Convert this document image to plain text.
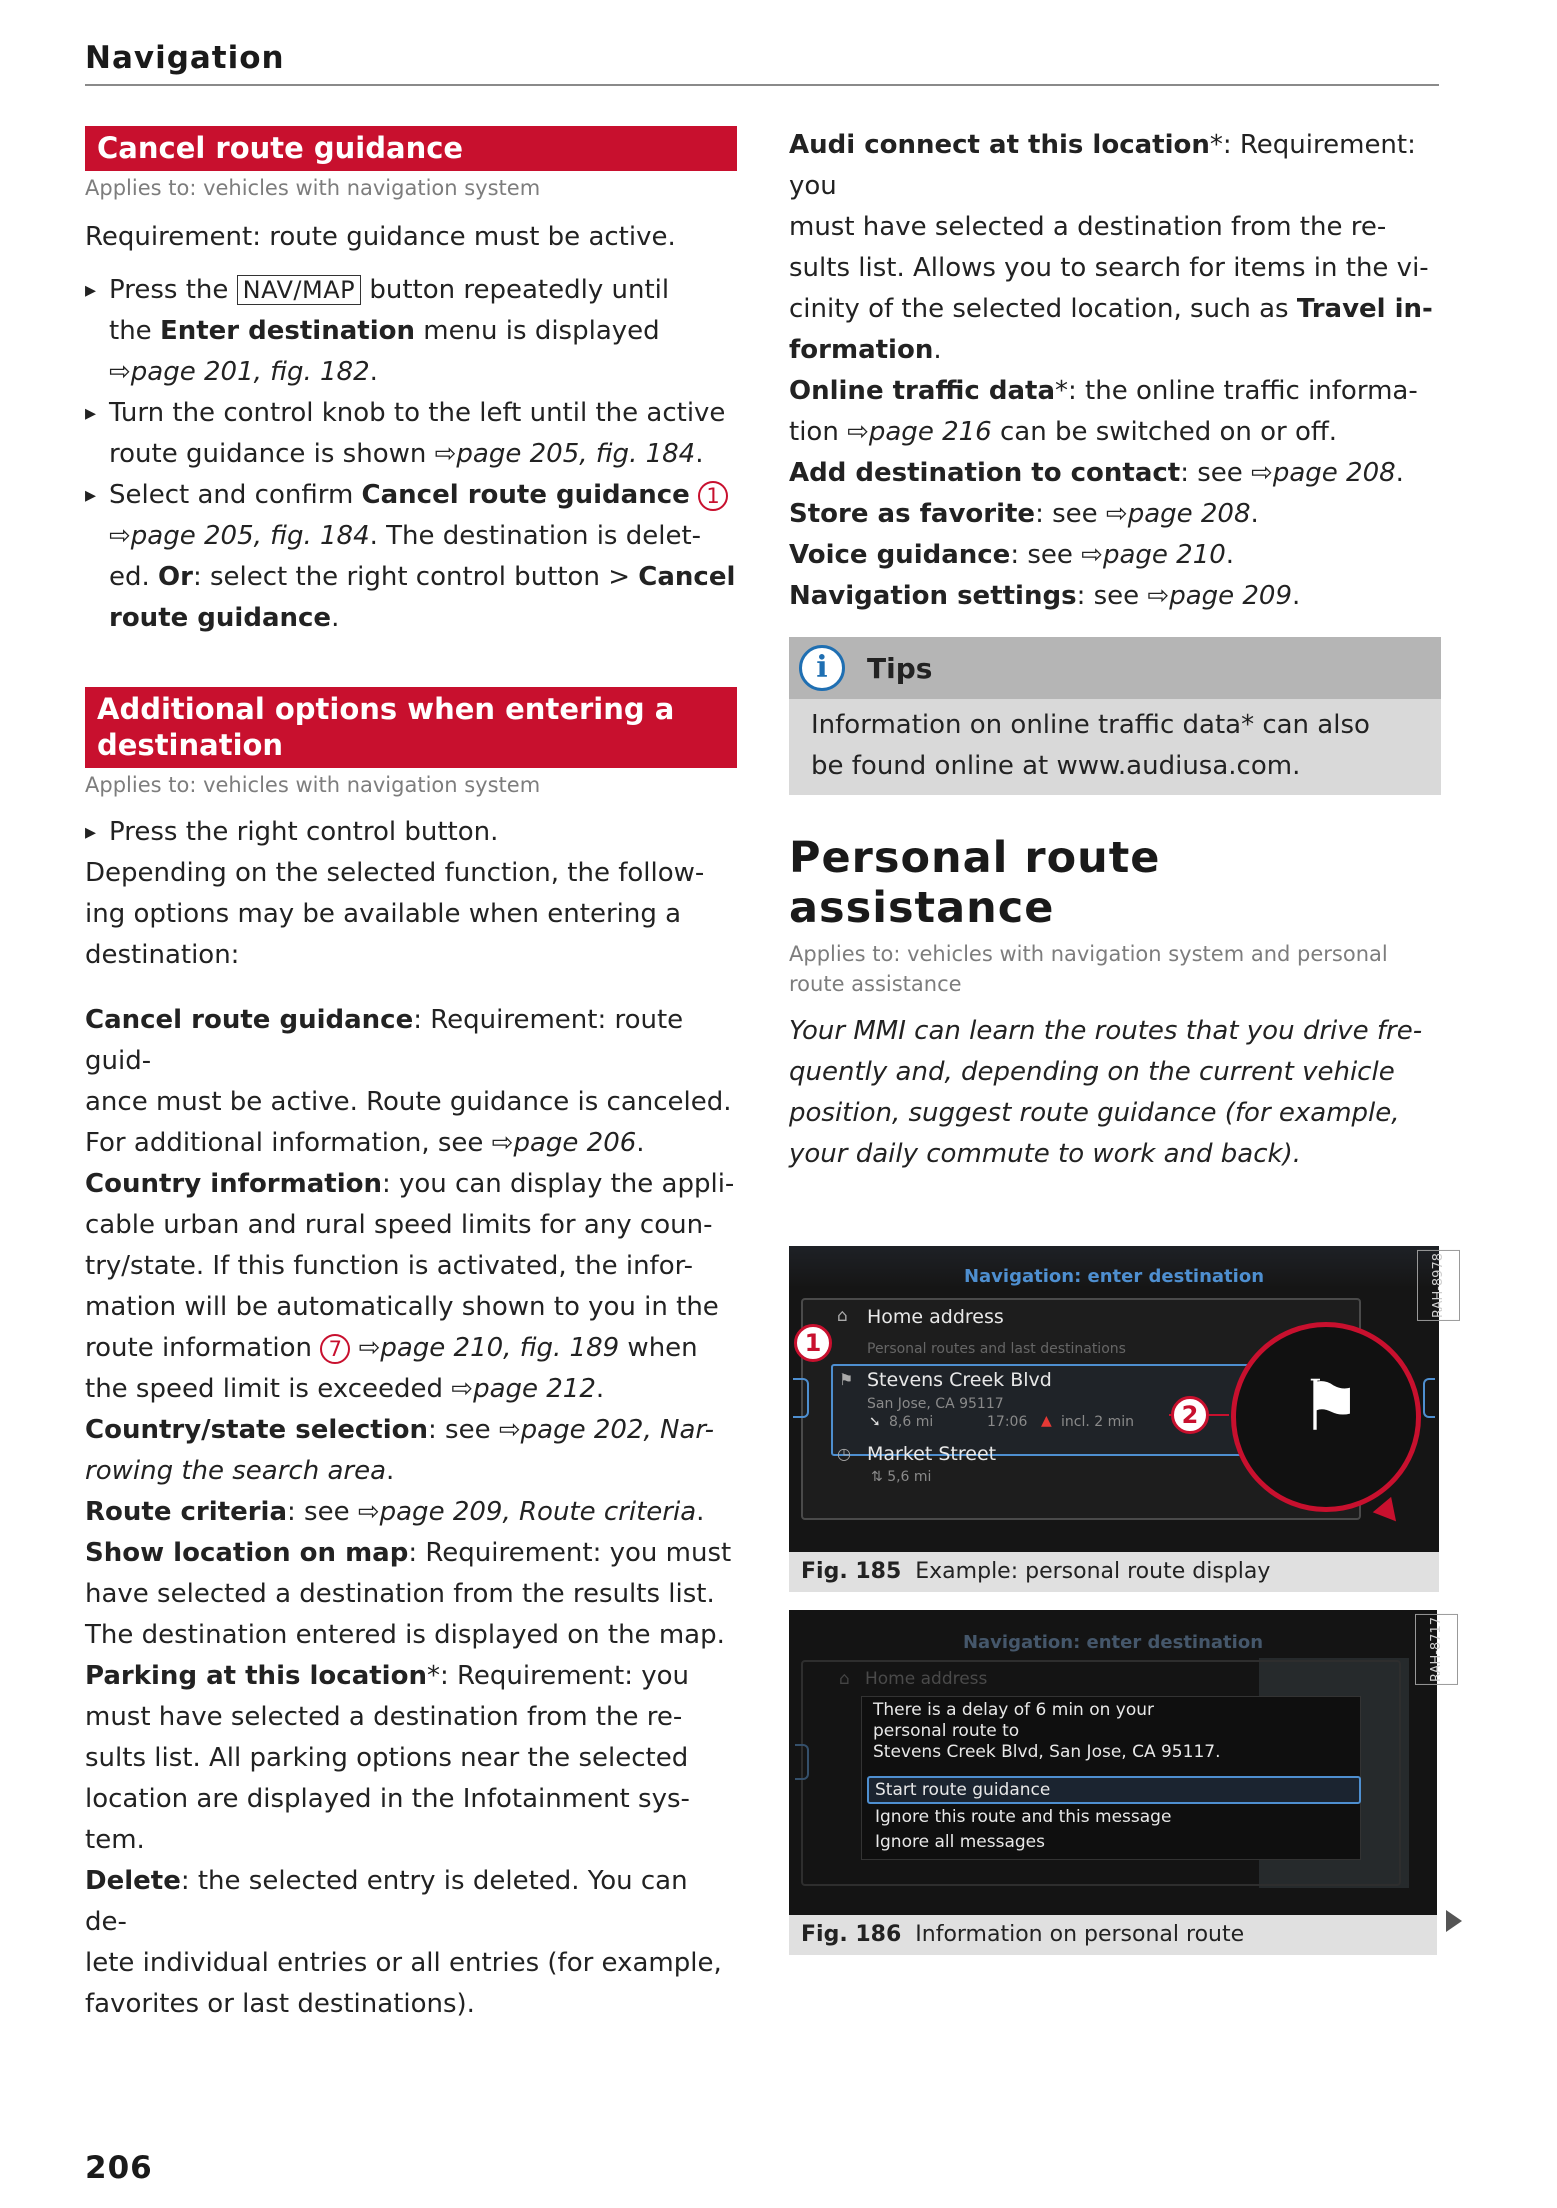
Navigation
Cancel route guidance
Applies to: vehicles with navigation system

Requirement: route guidance must be active.

▸ Press the NAV/MAP button repeatedly until
the Enter destination menu is displayed
⇨page 201, fig. 182.
▸ Turn the control knob to the left until the active
route guidance is shown ⇨page 205, fig. 184.
▸ Select and confirm Cancel route guidance 1
⇨page 205, fig. 184. The destination is delet-
ed. Or: select the right control button > Cancel
route guidance.
Additional options when entering a
destination
Applies to: vehicles with navigation system
▸ Press the right control button.

Depending on the selected function, the follow-
ing options may be available when entering a
destination:

Cancel route guidance: Requirement: route guid-
ance must be active. Route guidance is canceled.
For additional information, see ⇨page 206.

Country information: you can display the appli-
cable urban and rural speed limits for any coun-
try/state. If this function is activated, the infor-
mation will be automatically shown to you in the
route information 7 ⇨page 210, fig. 189 when
the speed limit is exceeded ⇨page 212.

Country/state selection: see ⇨page 202, Nar-
rowing the search area.

Route criteria: see ⇨page 209, Route criteria.

Show location on map: Requirement: you must
have selected a destination from the results list.
The destination entered is displayed on the map.

Parking at this location*: Requirement: you
must have selected a destination from the re-
sults list. All parking options near the selected
location are displayed in the Infotainment sys-
tem.

Delete: the selected entry is deleted. You can de-
lete individual entries or all entries (for example,
favorites or last destinations).

Audi connect at this location*: Requirement: you
must have selected a destination from the re-
sults list. Allows you to search for items in the vi-
cinity of the selected location, such as Travel in-
formation.

Online traffic data*: the online traffic informa-
tion ⇨page 216 can be switched on or off.

Add destination to contact: see ⇨page 208.

Store as favorite: see ⇨page 208.

Voice guidance: see ⇨page 210.

Navigation settings: see ⇨page 209.

i	Tips
Information on online traffic data* can also
be found online at www.audiusa.com.
Personal route
assistance
Applies to: vehicles with navigation system and personal
route assistance

Your MMI can learn the routes that you drive fre-
quently and, depending on the current vehicle
position, suggest route guidance (for example,
your daily commute to work and back).

Navigation: enter destination	RAH-8978
⌂ Home address
Personal routes and last destinations
⚑ Stevens Creek Blvd
San Jose, CA 95117
➘ 8,6 mi	17:06 ▲ incl. 2 min
◷ Market Street
⇅ 5,6 mi
⚑
1
2
Fig. 185 Example: personal route display
Navigation: enter destination	RAH-8717
⌂ Home address
There is a delay of 6 min on your
personal route to
Stevens Creek Blvd, San Jose, CA 95117.
Start route guidance
Ignore this route and this message
Ignore all messages
Fig. 186 Information on personal route
206
